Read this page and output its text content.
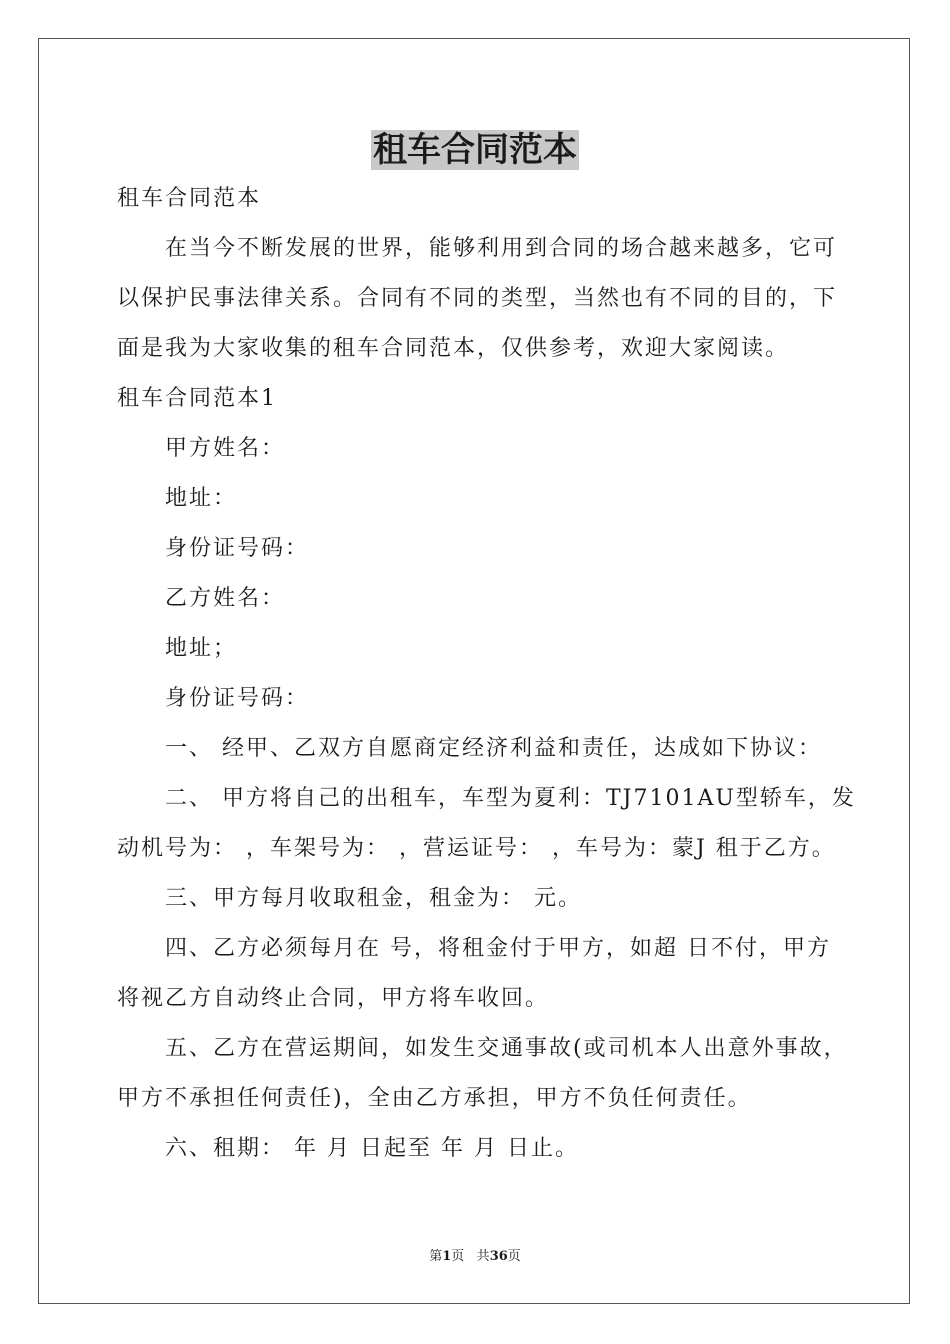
租车合同范本

租车合同范本

在当今不断发展的世界，能够利用到合同的场合越来越多，它可

以保护民事法律关系。合同有不同的类型，当然也有不同的目的，下

面是我为大家收集的租车合同范本，仅供参考，欢迎大家阅读。

租车合同范本1

甲方姓名：

地址：

身份证号码：

乙方姓名：

地址；

身份证号码：

一、 经甲、乙双方自愿商定经济利益和责任，达成如下协议：

二、 甲方将自己的出租车，车型为夏利：TJ7101AU型轿车，发

动机号为： ，车架号为： ，营运证号： ，车号为：蒙J 租于乙方。

三、甲方每月收取租金，租金为： 元。

四、乙方必须每月在 号，将租金付于甲方，如超 日不付，甲方

将视乙方自动终止合同，甲方将车收回。

五、乙方在营运期间，如发生交通事故(或司机本人出意外事故，

甲方不承担任何责任)，全由乙方承担，甲方不负任何责任。

六、租期： 年 月 日起至 年 月 日止。

第1页 共36页
